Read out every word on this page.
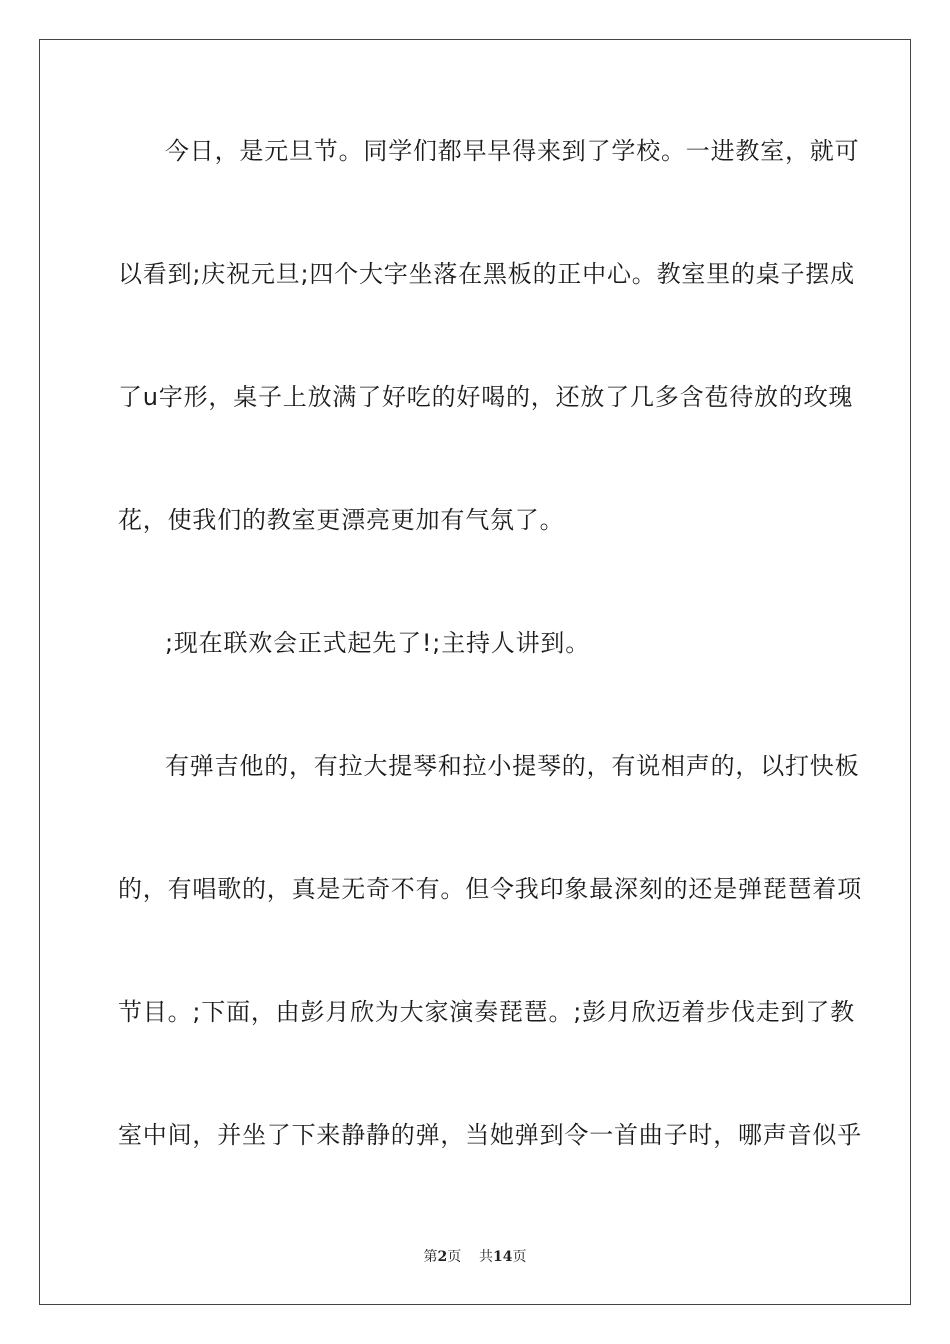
今日，是元旦节。同学们都早早得来到了学校。一进教室，就可
以看到;庆祝元旦;四个大字坐落在黑板的正中心。教室里的桌子摆成
了u字形，桌子上放满了好吃的好喝的，还放了几多含苞待放的玫瑰
花，使我们的教室更漂亮更加有气氛了。
;现在联欢会正式起先了!;主持人讲到。
有弹吉他的，有拉大提琴和拉小提琴的，有说相声的，以打快板
的，有唱歌的，真是无奇不有。但令我印象最深刻的还是弹琵琶着项
节目。;下面，由彭月欣为大家演奏琵琶。;彭月欣迈着步伐走到了教
室中间，并坐了下来静静的弹，当她弹到令一首曲子时，哪声音似乎
第2页 共14页
